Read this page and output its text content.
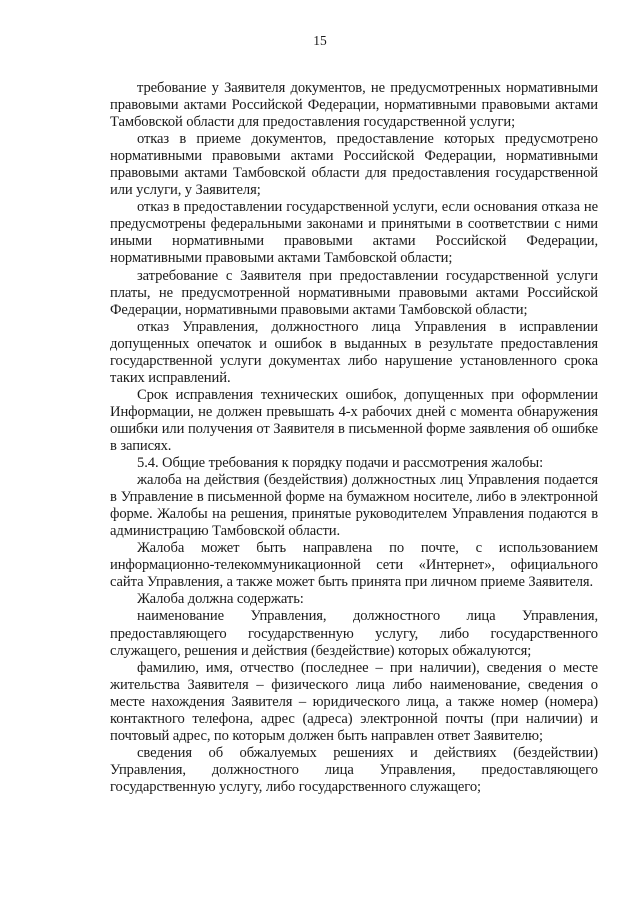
15

требование у Заявителя документов, не предусмотренных нормативными правовыми актами Российской Федерации, нормативными правовыми актами Тамбовской области для предоставления государственной услуги;

отказ в приеме документов, предоставление которых предусмотрено нормативными правовыми актами Российской Федерации, нормативными правовыми актами Тамбовской области для предоставления государственной или услуги, у Заявителя;

отказ в предоставлении государственной услуги, если основания отказа не предусмотрены федеральными законами и принятыми в соответствии с ними иными нормативными правовыми актами Российской Федерации, нормативными правовыми актами Тамбовской области;

затребование с Заявителя при предоставлении государственной услуги платы, не предусмотренной нормативными правовыми актами Российской Федерации, нормативными правовыми актами Тамбовской области;

отказ Управления, должностного лица Управления в исправлении допущенных опечаток и ошибок в выданных в результате предоставления государственной услуги документах либо нарушение установленного срока таких исправлений.

Срок исправления технических ошибок, допущенных при оформлении Информации, не должен превышать 4-х рабочих дней с момента обнаружения ошибки или получения от Заявителя в письменной форме заявления об ошибке в записях.

5.4. Общие требования к порядку подачи и рассмотрения жалобы:

жалоба на действия (бездействия) должностных лиц Управления подается в Управление в письменной форме на бумажном носителе, либо в электронной форме. Жалобы на решения, принятые руководителем Управления подаются в администрацию Тамбовской области.

Жалоба может быть направлена по почте, с использованием информационно-телекоммуникационной сети «Интернет», официального сайта Управления, а также может быть принята при личном приеме Заявителя.

Жалоба должна содержать:

наименование Управления, должностного лица Управления, предоставляющего государственную услугу, либо государственного служащего, решения и действия (бездействие) которых обжалуются;

фамилию, имя, отчество (последнее – при наличии), сведения о месте жительства Заявителя – физического лица либо наименование, сведения о месте нахождения Заявителя – юридического лица, а также номер (номера) контактного телефона, адрес (адреса) электронной почты (при наличии) и почтовый адрес, по которым должен быть направлен ответ Заявителю;

сведения об обжалуемых решениях и действиях (бездействии) Управления, должностного лица Управления, предоставляющего государственную услугу, либо государственного служащего;
